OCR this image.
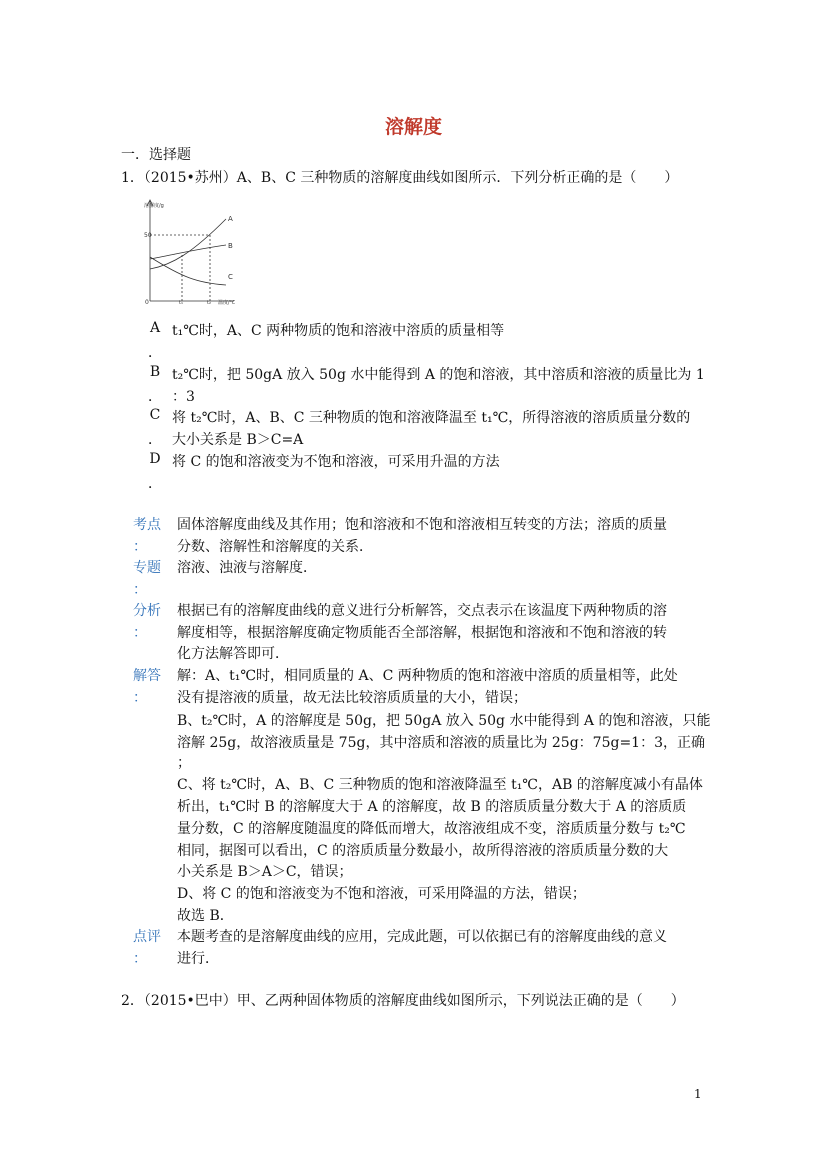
溶解度
一．选择题
1．（2015•苏州）A、B、C 三种物质的溶解度曲线如图所示．下列分析正确的是（　　）
溶解度/g
50
0	t₁	t₂ 温度/℃
A
B
C
A
．
t₁℃时，A、C 两种物质的饱和溶液中溶质的质量相等
B
．
t₂℃时，把 50gA 放入 50g 水中能得到 A 的饱和溶液，其中溶质和溶液的质量比为 1
：3
C
．
将 t₂℃时，A、B、C 三种物质的饱和溶液降温至 t₁℃，所得溶液的溶质质量分数的
大小关系是 B＞C=A
D
．
将 C 的饱和溶液变为不饱和溶液，可采用升温的方法
考点
：
固体溶解度曲线及其作用；饱和溶液和不饱和溶液相互转变的方法；溶质的质量
分数、溶解性和溶解度的关系．
专题
：
溶液、浊液与溶解度．
分析
：
根据已有的溶解度曲线的意义进行分析解答，交点表示在该温度下两种物质的溶
解度相等，根据溶解度确定物质能否全部溶解，根据饱和溶液和不饱和溶液的转
化方法解答即可．
解答
：
解：A、t₁℃时，相同质量的 A、C 两种物质的饱和溶液中溶质的质量相等，此处
没有提溶液的质量，故无法比较溶质质量的大小，错误；
B、t₂℃时，A 的溶解度是 50g，把 50gA 放入 50g 水中能得到 A 的饱和溶液，只能
溶解 25g，故溶液质量是 75g，其中溶质和溶液的质量比为 25g：75g=1：3，正确
；
C、将 t₂℃时，A、B、C 三种物质的饱和溶液降温至 t₁℃，AB 的溶解度减小有晶体
析出，t₁℃时 B 的溶解度大于 A 的溶解度，故 B 的溶质质量分数大于 A 的溶质质
量分数，C 的溶解度随温度的降低而增大，故溶液组成不变，溶质质量分数与 t₂℃
相同，据图可以看出，C 的溶质质量分数最小，故所得溶液的溶质质量分数的大
小关系是 B＞A＞C，错误；
D、将 C 的饱和溶液变为不饱和溶液，可采用降温的方法，错误；
故选 B．
点评
：
本题考查的是溶解度曲线的应用，完成此题，可以依据已有的溶解度曲线的意义
进行．
2．（2015•巴中）甲、乙两种固体物质的溶解度曲线如图所示，下列说法正确的是（　　）
1
